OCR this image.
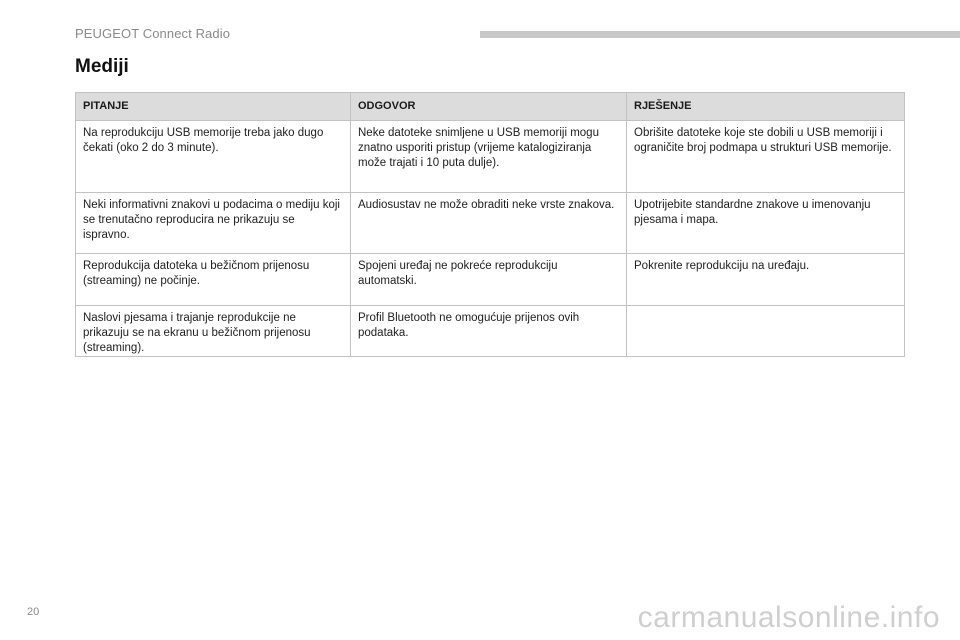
PEUGEOT Connect Radio
Mediji
PITANJE	ODGOVOR	RJEŠENJE
Na reprodukciju USB memorije treba jako dugo čekati (oko 2 do 3 minute).	Neke datoteke snimljene u USB memoriji mogu znatno usporiti pristup (vrijeme katalogiziranja može trajati i 10 puta dulje).	Obrišite datoteke koje ste dobili u USB memoriji i ograničite broj podmapa u strukturi USB memorije.
Neki informativni znakovi u podacima o mediju koji se trenutačno reproducira ne prikazuju se ispravno.	Audiosustav ne može obraditi neke vrste znakova.	Upotrijebite standardne znakove u imenovanju pjesama i mapa.
Reprodukcija datoteka u bežičnom prijenosu (streaming) ne počinje.	Spojeni uređaj ne pokreće reprodukciju automatski.	Pokrenite reprodukciju na uređaju.
Naslovi pjesama i trajanje reprodukcije ne prikazuju se na ekranu u bežičnom prijenosu (streaming).	Profil Bluetooth ne omogućuje prijenos ovih podataka.	
20	carmanualsonline.info
